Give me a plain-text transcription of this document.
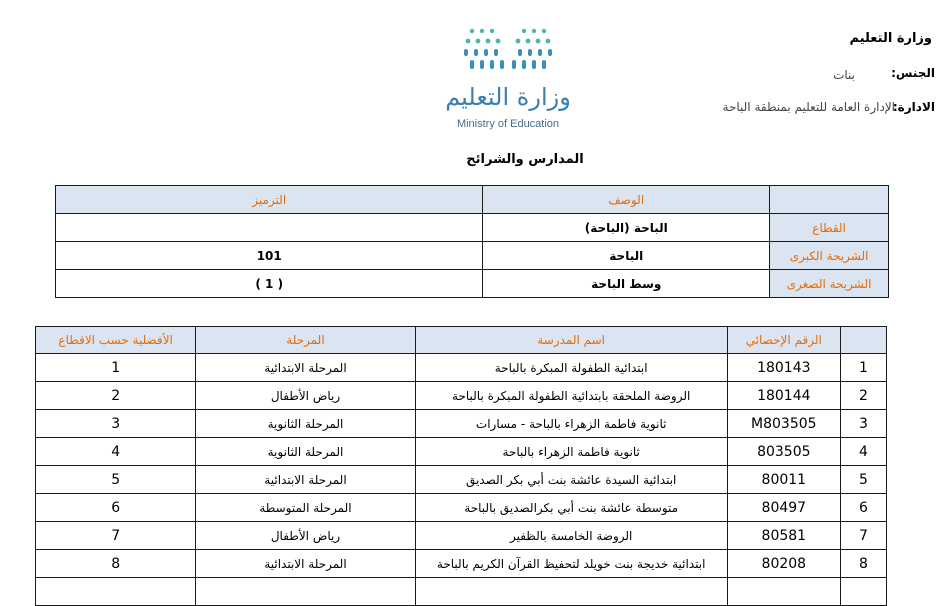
وزارة التعليم
الجنس:
بنات
الادارة:
الإدارة العامة للتعليم بمنطقة الباحة
وزارة التعليم
Ministry of Education
المدارس والشرائح
الترميز	الوصف	
	الباحة (الباحة)	القطاع
101	الباحة	الشريحة الكبرى
( 1 )	وسط الباحة	الشريحة الصغرى
الأفضلية حسب الاقطاع	المرحلة	اسم المدرسة	الرقم الإحصائي	
1	المرحلة الابتدائية	ابتدائية الطفولة المبكرة بالباحة	180143	1
2	رياض الأطفال	الروضة الملحقة بابتدائية الطفولة المبكرة بالباحة	180144	2
3	المرحلة الثانوية	ثانوية فاطمة الزهراء بالباحة - مسارات	M803505	3
4	المرحلة الثانوية	ثانوية فاطمة الزهراء بالباحة	803505	4
5	المرحلة الابتدائية	ابتدائية السيدة عائشة بنت أبي بكر الصديق	80011	5
6	المرحلة المتوسطة	متوسطة عائشة بنت أبي بكرالصديق بالباحة	80497	6
7	رياض الأطفال	الروضة الخامسة بالظفير	80581	7
8	المرحلة الابتدائية	ابتدائية خديجة بنت خويلد لتحفيظ القرآن الكريم بالباحة	80208	8
